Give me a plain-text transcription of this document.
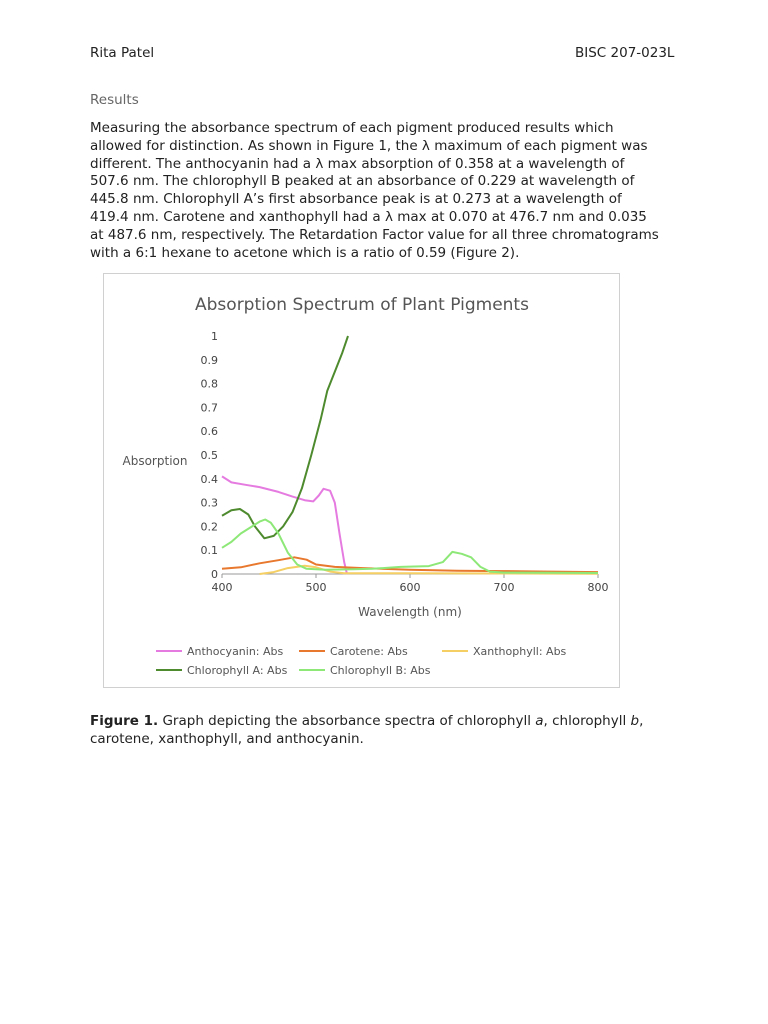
Rita Patel	BISC 207-023L
Results

Measuring the absorbance spectrum of each pigment produced results which
allowed for distinction. As shown in Figure 1, the λ maximum of each pigment was
different. The anthocyanin had a λ max absorption of 0.358 at a wavelength of
507.6 nm. The chlorophyll B peaked at an absorbance of 0.229 at wavelength of
445.8 nm. Chlorophyll A’s first absorbance peak is at 0.273 at a wavelength of
419.4 nm. Carotene and xanthophyll had a λ max at 0.070 at 476.7 nm and 0.035
at 487.6 nm, respectively. The Retardation Factor value for all three chromatograms
with a 6:1 hexane to acetone which is a ratio of 0.59 (Figure 2).

Absorption Spectrum of Plant Pigments
Absorption
Wavelength (nm)
0
0.1
0.2
0.3
0.4
0.5
0.6
0.7
0.8
0.9
1
400	500	600	700	800
Anthocyanin: Abs	Carotene: Abs	Xanthophyll: Abs
Chlorophyll A: Abs	Chlorophyll B: Abs

Figure 1. Graph depicting the absorbance spectra of chlorophyll a, chlorophyll b,
carotene, xanthophyll, and anthocyanin.
